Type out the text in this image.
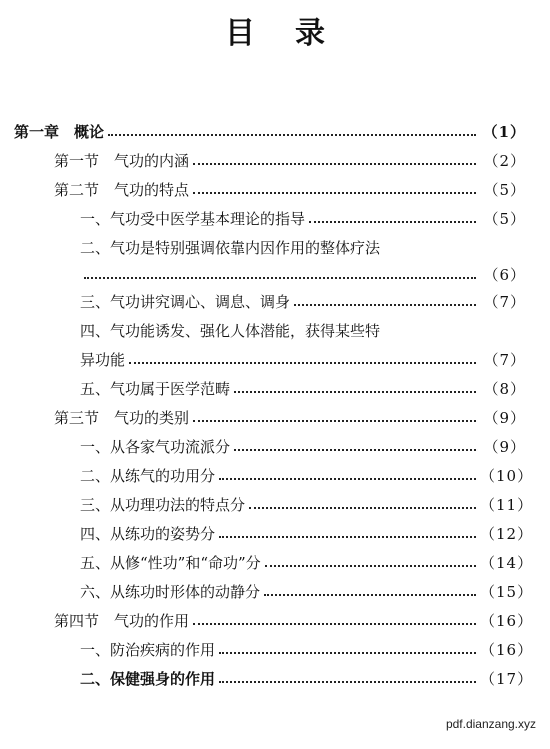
目录
第一章　概论	（1）
第一节　气功的内涵	（2）
第二节　气功的特点	（5）
一、气功受中医学基本理论的指导	（5）
二、气功是特别强调依靠内因作用的整体疗法
（6）
三、气功讲究调心、调息、调身	（7）
四、气功能诱发、强化人体潜能，获得某些特
异功能	（7）
五、气功属于医学范畴	（8）
第三节　气功的类别	（9）
一、从各家气功流派分	（9）
二、从练气的功用分	（10）
三、从功理功法的特点分	（11）
四、从练功的姿势分	（12）
五、从修“性功”和“命功”分	（14）
六、从练功时形体的动静分	（15）
第四节　气功的作用	（16）
一、防治疾病的作用	（16）
二、保健强身的作用	（17）
pdf.dianzang.xyz
